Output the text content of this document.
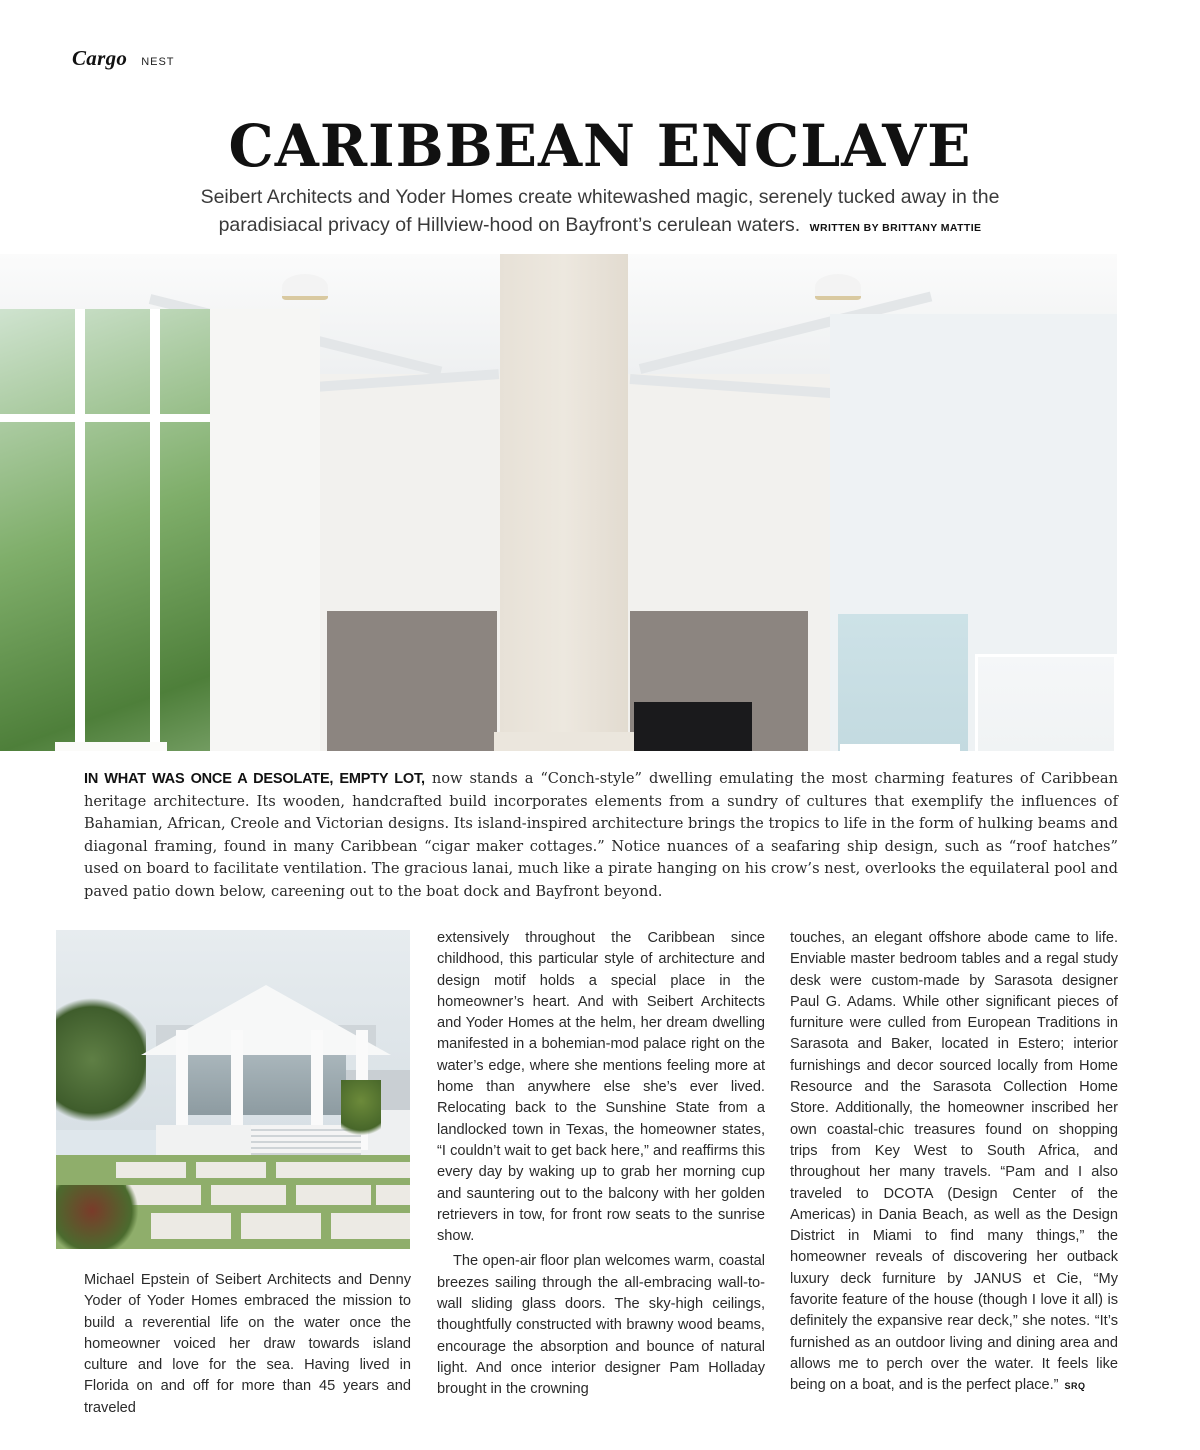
Cargo NEST
CARIBBEAN ENCLAVE
Seibert Architects and Yoder Homes create whitewashed magic, serenely tucked away in the paradisiacal privacy of Hillview-hood on Bayfront’s cerulean waters. WRITTEN BY BRITTANY MATTIE

IN WHAT WAS ONCE A DESOLATE, EMPTY LOT, now stands a “Conch-style” dwelling emulating the most charming features of Caribbean heritage architecture. Its wooden, handcrafted build incorporates elements from a sundry of cultures that exemplify the influences of Bahamian, African, Creole and Victorian designs. Its island-inspired architecture brings the tropics to life in the form of hulking beams and diagonal framing, found in many Caribbean “cigar maker cottages.” Notice nuances of a seafaring ship design, such as “roof hatches” used on board to facilitate ventilation. The gracious lanai, much like a pirate hanging on his crow’s nest, overlooks the equilateral pool and paved patio down below, careening out to the boat dock and Bayfront beyond.

Michael Epstein of Seibert Architects and Denny Yoder of Yoder Homes embraced the mission to build a reverential life on the water once the homeowner voiced her draw towards island culture and love for the sea. Having lived in Florida on and off for more than 45 years and traveled

extensively throughout the Caribbean since childhood, this particular style of architecture and design motif holds a special place in the homeowner’s heart. And with Seibert Architects and Yoder Homes at the helm, her dream dwelling manifested in a bohemian-mod palace right on the water’s edge, where she mentions feeling more at home than anywhere else she’s ever lived. Relocating back to the Sunshine State from a landlocked town in Texas, the homeowner states, “I couldn’t wait to get back here,” and reaffirms this every day by waking up to grab her morning cup and sauntering out to the balcony with her golden retrievers in tow, for front row seats to the sunrise show.

The open-air floor plan welcomes warm, coastal breezes sailing through the all-embracing wall-to-wall sliding glass doors. The sky-high ceilings, thoughtfully constructed with brawny wood beams, encourage the absorption and bounce of natural light. And once interior designer Pam Holladay brought in the crowning

touches, an elegant offshore abode came to life. Enviable master bedroom tables and a regal study desk were custom-made by Sarasota designer Paul G. Adams. While other significant pieces of furniture were culled from European Traditions in Sarasota and Baker, located in Estero; interior furnishings and decor sourced locally from Home Resource and the Sarasota Collection Home Store. Additionally, the homeowner inscribed her own coastal-chic treasures found on shopping trips from Key West to South Africa, and throughout her many travels. “Pam and I also traveled to DCOTA (Design Center of the Americas) in Dania Beach, as well as the Design District in Miami to find many things,” the homeowner reveals of discovering her outback luxury deck furniture by JANUS et Cie, “My favorite feature of the house (though I love it all) is definitely the expansive rear deck,” she notes. “It’s furnished as an outdoor living and dining area and allows me to perch over the water. It feels like being on a boat, and is the perfect place.” SRQ
